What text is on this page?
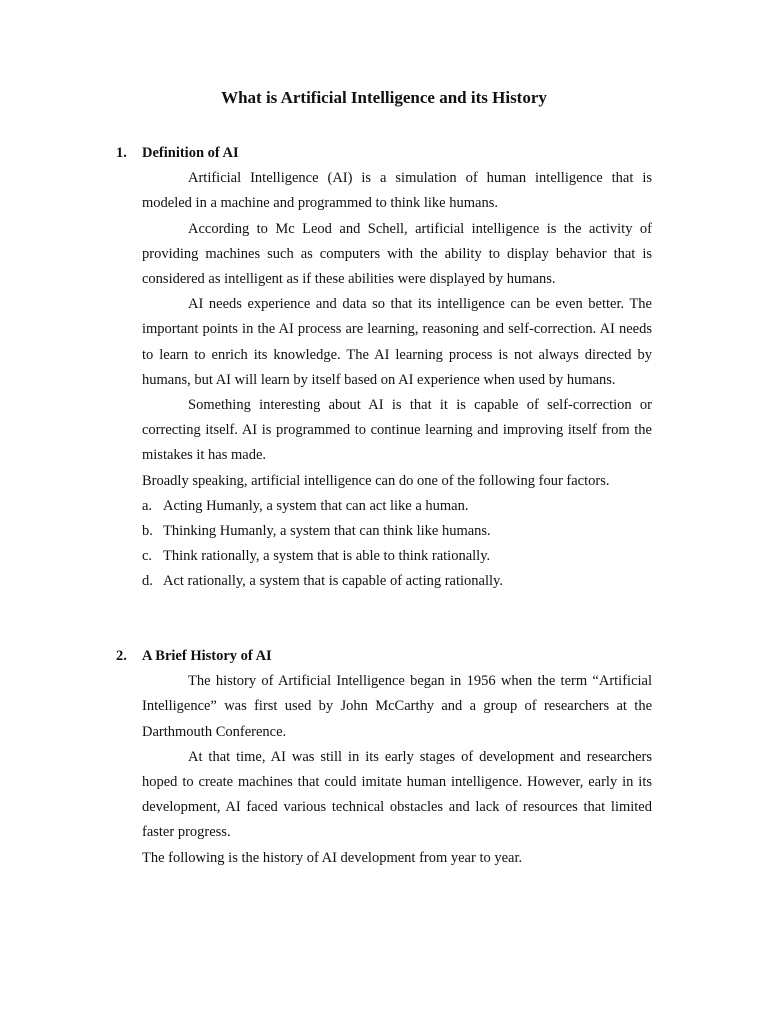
What is Artificial Intelligence and its History
1.	Definition of AI

Artificial Intelligence (AI) is a simulation of human intelligence that is modeled in a machine and programmed to think like humans.

According to Mc Leod and Schell, artificial intelligence is the activity of providing machines such as computers with the ability to display behavior that is considered as intelligent as if these abilities were displayed by humans.

AI needs experience and data so that its intelligence can be even better. The important points in the AI process are learning, reasoning and self-correction. AI needs to learn to enrich its knowledge. The AI learning process is not always directed by humans, but AI will learn by itself based on AI experience when used by humans.

Something interesting about AI is that it is capable of self-correction or correcting itself. AI is programmed to continue learning and improving itself from the mistakes it has made.

Broadly speaking, artificial intelligence can do one of the following four factors.

a. Acting Humanly, a system that can act like a human.
b. Thinking Humanly, a system that can think like humans.
c. Think rationally, a system that is able to think rationally.
d. Act rationally, a system that is capable of acting rationally.
2.	A Brief History of AI

The history of Artificial Intelligence began in 1956 when the term “Artificial Intelligence” was first used by John McCarthy and a group of researchers at the Darthmouth Conference.

At that time, AI was still in its early stages of development and researchers hoped to create machines that could imitate human intelligence. However, early in its development, AI faced various technical obstacles and lack of resources that limited faster progress.

The following is the history of AI development from year to year.
